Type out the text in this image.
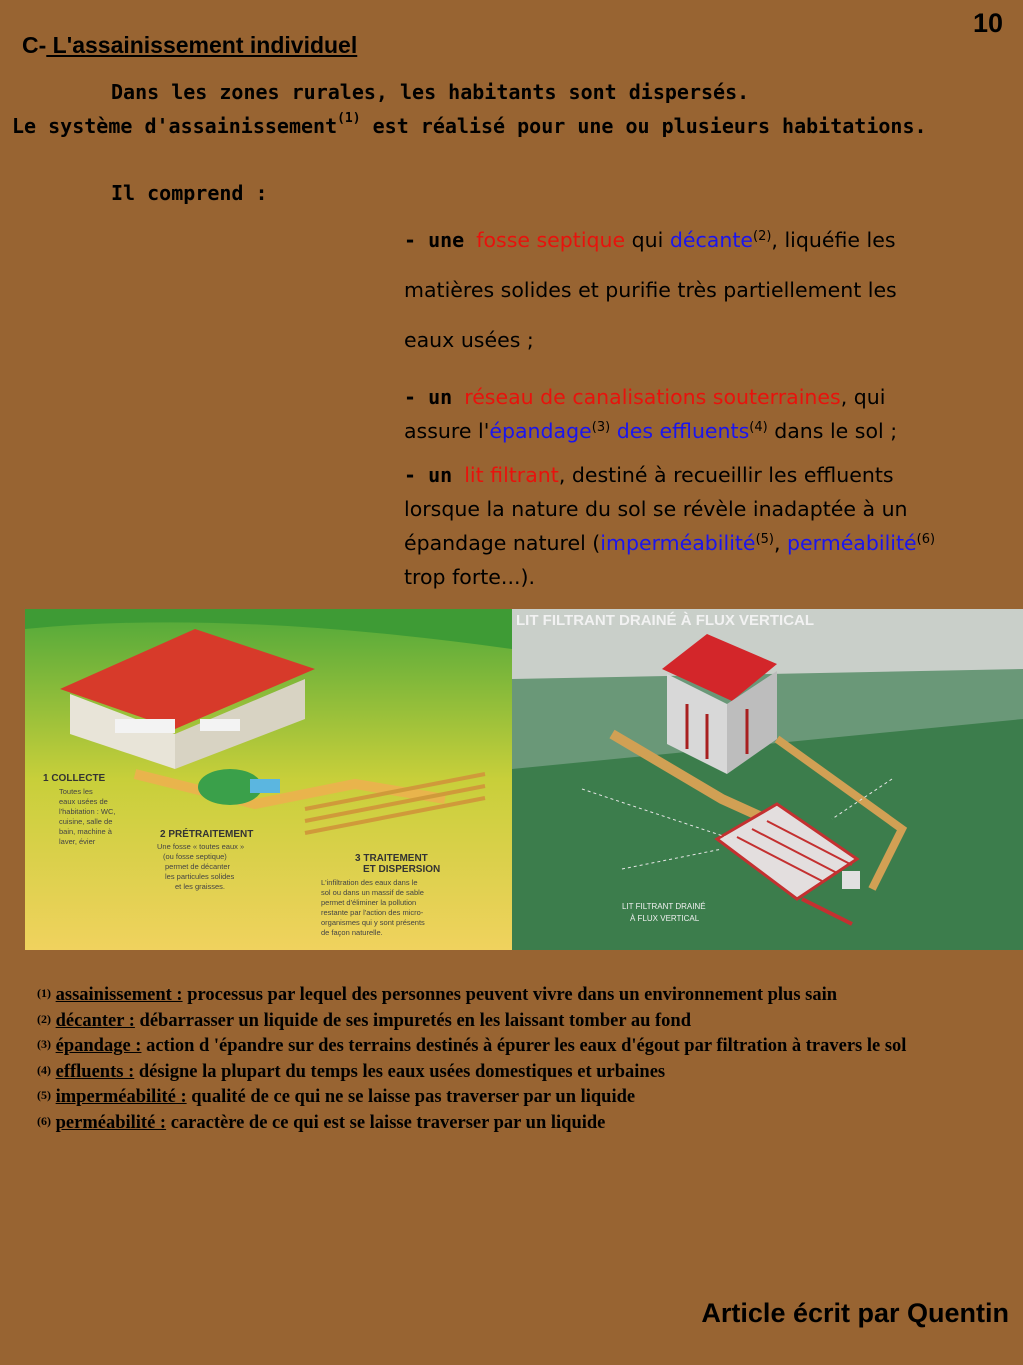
10
C- L'assainissement individuel
Dans les zones rurales, les habitants sont dispersés.
Le système d'assainissement$^{(1)}$ est réalisé pour une ou plusieurs habitations.
Il comprend :

- une fosse septique qui décante$^{(2)}$, liquéfie les

matières solides et purifie très partiellement les

eaux usées ;

- un réseau de canalisations souterraines, qui

assure l'épandage$^{(3)}$ des effluents$^{(4)}$ dans le sol ;

- un lit filtrant, destiné à recueillir les effluents

lorsque la nature du sol se révèle inadaptée à un

épandage naturel (imperméabilité$^{(5)}$, perméabilité$^{(6)}$

trop forte...).

1 COLLECTE
Toutes les
eaux usées de
l'habitation : WC,
cuisine, salle de
bain, machine à
laver, évier
2 PRÉTRAITEMENT
Une fosse « toutes eaux »
(ou fosse septique)
permet de décanter
les particules solides
et les graisses.
3 TRAITEMENT
ET DISPERSION
L'infiltration des eaux dans le
sol ou dans un massif de sable
permet d'éliminer la pollution
restante par l'action des micro-
organismes qui y sont présents
de façon naturelle.
LIT FILTRANT DRAINÉ À FLUX VERTICAL
LIT FILTRANT DRAINÉ
À FLUX VERTICAL
$^{(1)}$ assainissement : processus par lequel des personnes peuvent vivre dans un environnement plus sain
$^{(2)}$ décanter : débarrasser un liquide de ses impuretés en les laissant tomber au fond
$^{(3)}$ épandage : action d 'épandre sur des terrains destinés à épurer les eaux d'égout par filtration à travers le sol
$^{(4)}$ effluents : désigne la plupart du temps les eaux usées domestiques et urbaines
$^{(5)}$ imperméabilité : qualité de ce qui ne se laisse pas traverser par un liquide
$^{(6)}$ perméabilité : caractère de ce qui est se laisse traverser par un liquide
Article écrit par Quentin
